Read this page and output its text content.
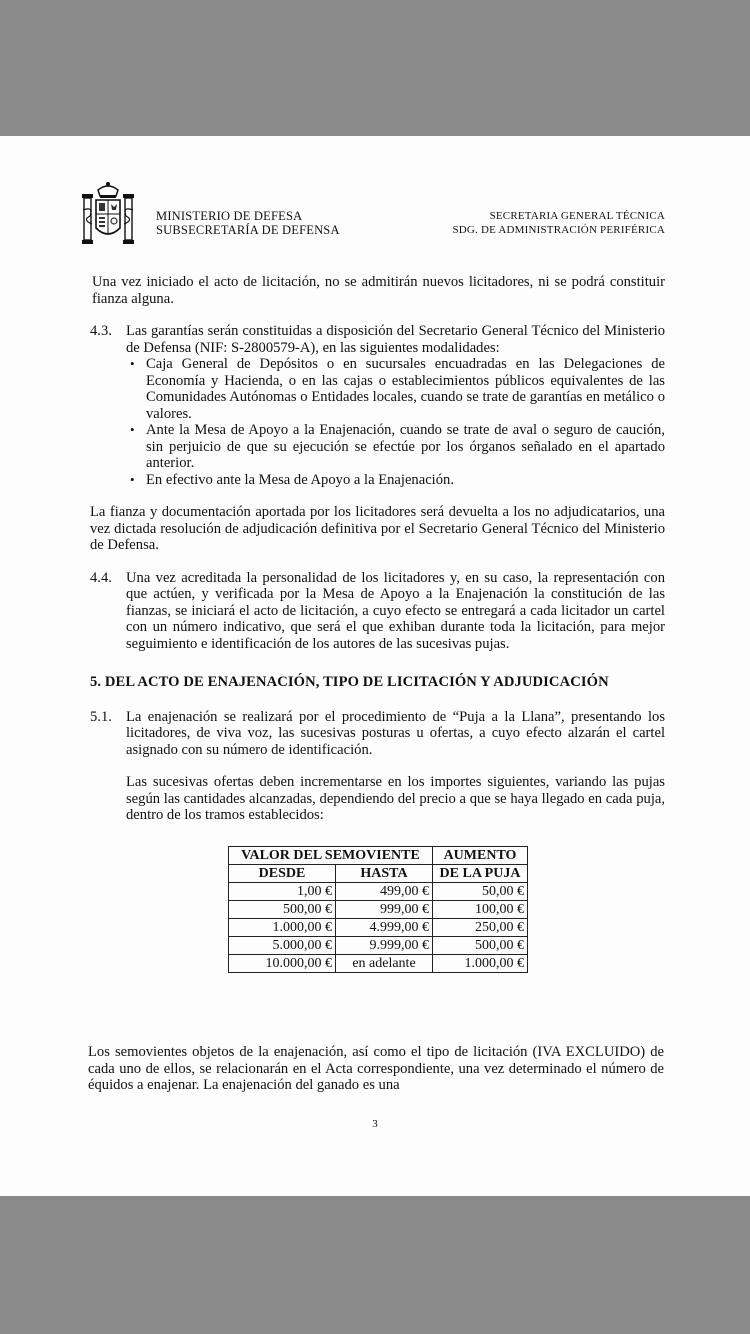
MINISTERIO DE DEFESA
SUBSECRETARÍA DE DEFENSA
SECRETARIA GENERAL TÉCNICA
SDG. DE ADMINISTRACIÓN PERIFÉRICA

Una vez iniciado el acto de licitación, no se admitirán nuevos licitadores, ni se podrá constituir fianza alguna.

4.3. Las garantías serán constituidas a disposición del Secretario General Técnico del Ministerio de Defensa (NIF: S-2800579-A), en las siguientes modalidades:

• Caja General de Depósitos o en sucursales encuadradas en las Delegaciones de Economía y Hacienda, o en las cajas o establecimientos públicos equivalentes de las Comunidades Autónomas o Entidades locales, cuando se trate de garantías en metálico o valores.
• Ante la Mesa de Apoyo a la Enajenación, cuando se trate de aval o seguro de caución, sin perjuicio de que su ejecución se efectúe por los órganos señalado en el apartado anterior.
• En efectivo ante la Mesa de Apoyo a la Enajenación.

La fianza y documentación aportada por los licitadores será devuelta a los no adjudicatarios, una vez dictada resolución de adjudicación definitiva por el Secretario General Técnico del Ministerio de Defensa.

4.4. Una vez acreditada la personalidad de los licitadores y, en su caso, la representación con que actúen, y verificada por la Mesa de Apoyo a la Enajenación la constitución de las fianzas, se iniciará el acto de licitación, a cuyo efecto se entregará a cada licitador un cartel con un número indicativo, que será el que exhiban durante toda la licitación, para mejor seguimiento e identificación de los autores de las sucesivas pujas.

5. DEL ACTO DE ENAJENACIÓN, TIPO DE LICITACIÓN Y ADJUDICACIÓN
5.1. La enajenación se realizará por el procedimiento de “Puja a la Llana”, presentando los licitadores, de viva voz, las sucesivas posturas u ofertas, a cuyo efecto alzarán el cartel asignado con su número de identificación.

Las sucesivas ofertas deben incrementarse en los importes siguientes, variando las pujas según las cantidades alcanzadas, dependiendo del precio a que se haya llegado en cada puja, dentro de los tramos establecidos:

VALOR DEL SEMOVIENTE		AUMENTO
DESDE	HASTA	DE LA PUJA
1,00 €	499,00 €	50,00 €
500,00 €	999,00 €	100,00 €
1.000,00 €	4.999,00 €	250,00 €
5.000,00 €	9.999,00 €	500,00 €
10.000,00 €	en adelante	1.000,00 €

Los semovientes objetos de la enajenación, así como el tipo de licitación (IVA EXCLUIDO) de cada uno de ellos, se relacionarán en el Acta correspondiente, una vez determinado el número de équidos a enajenar. La enajenación del ganado es una

3
